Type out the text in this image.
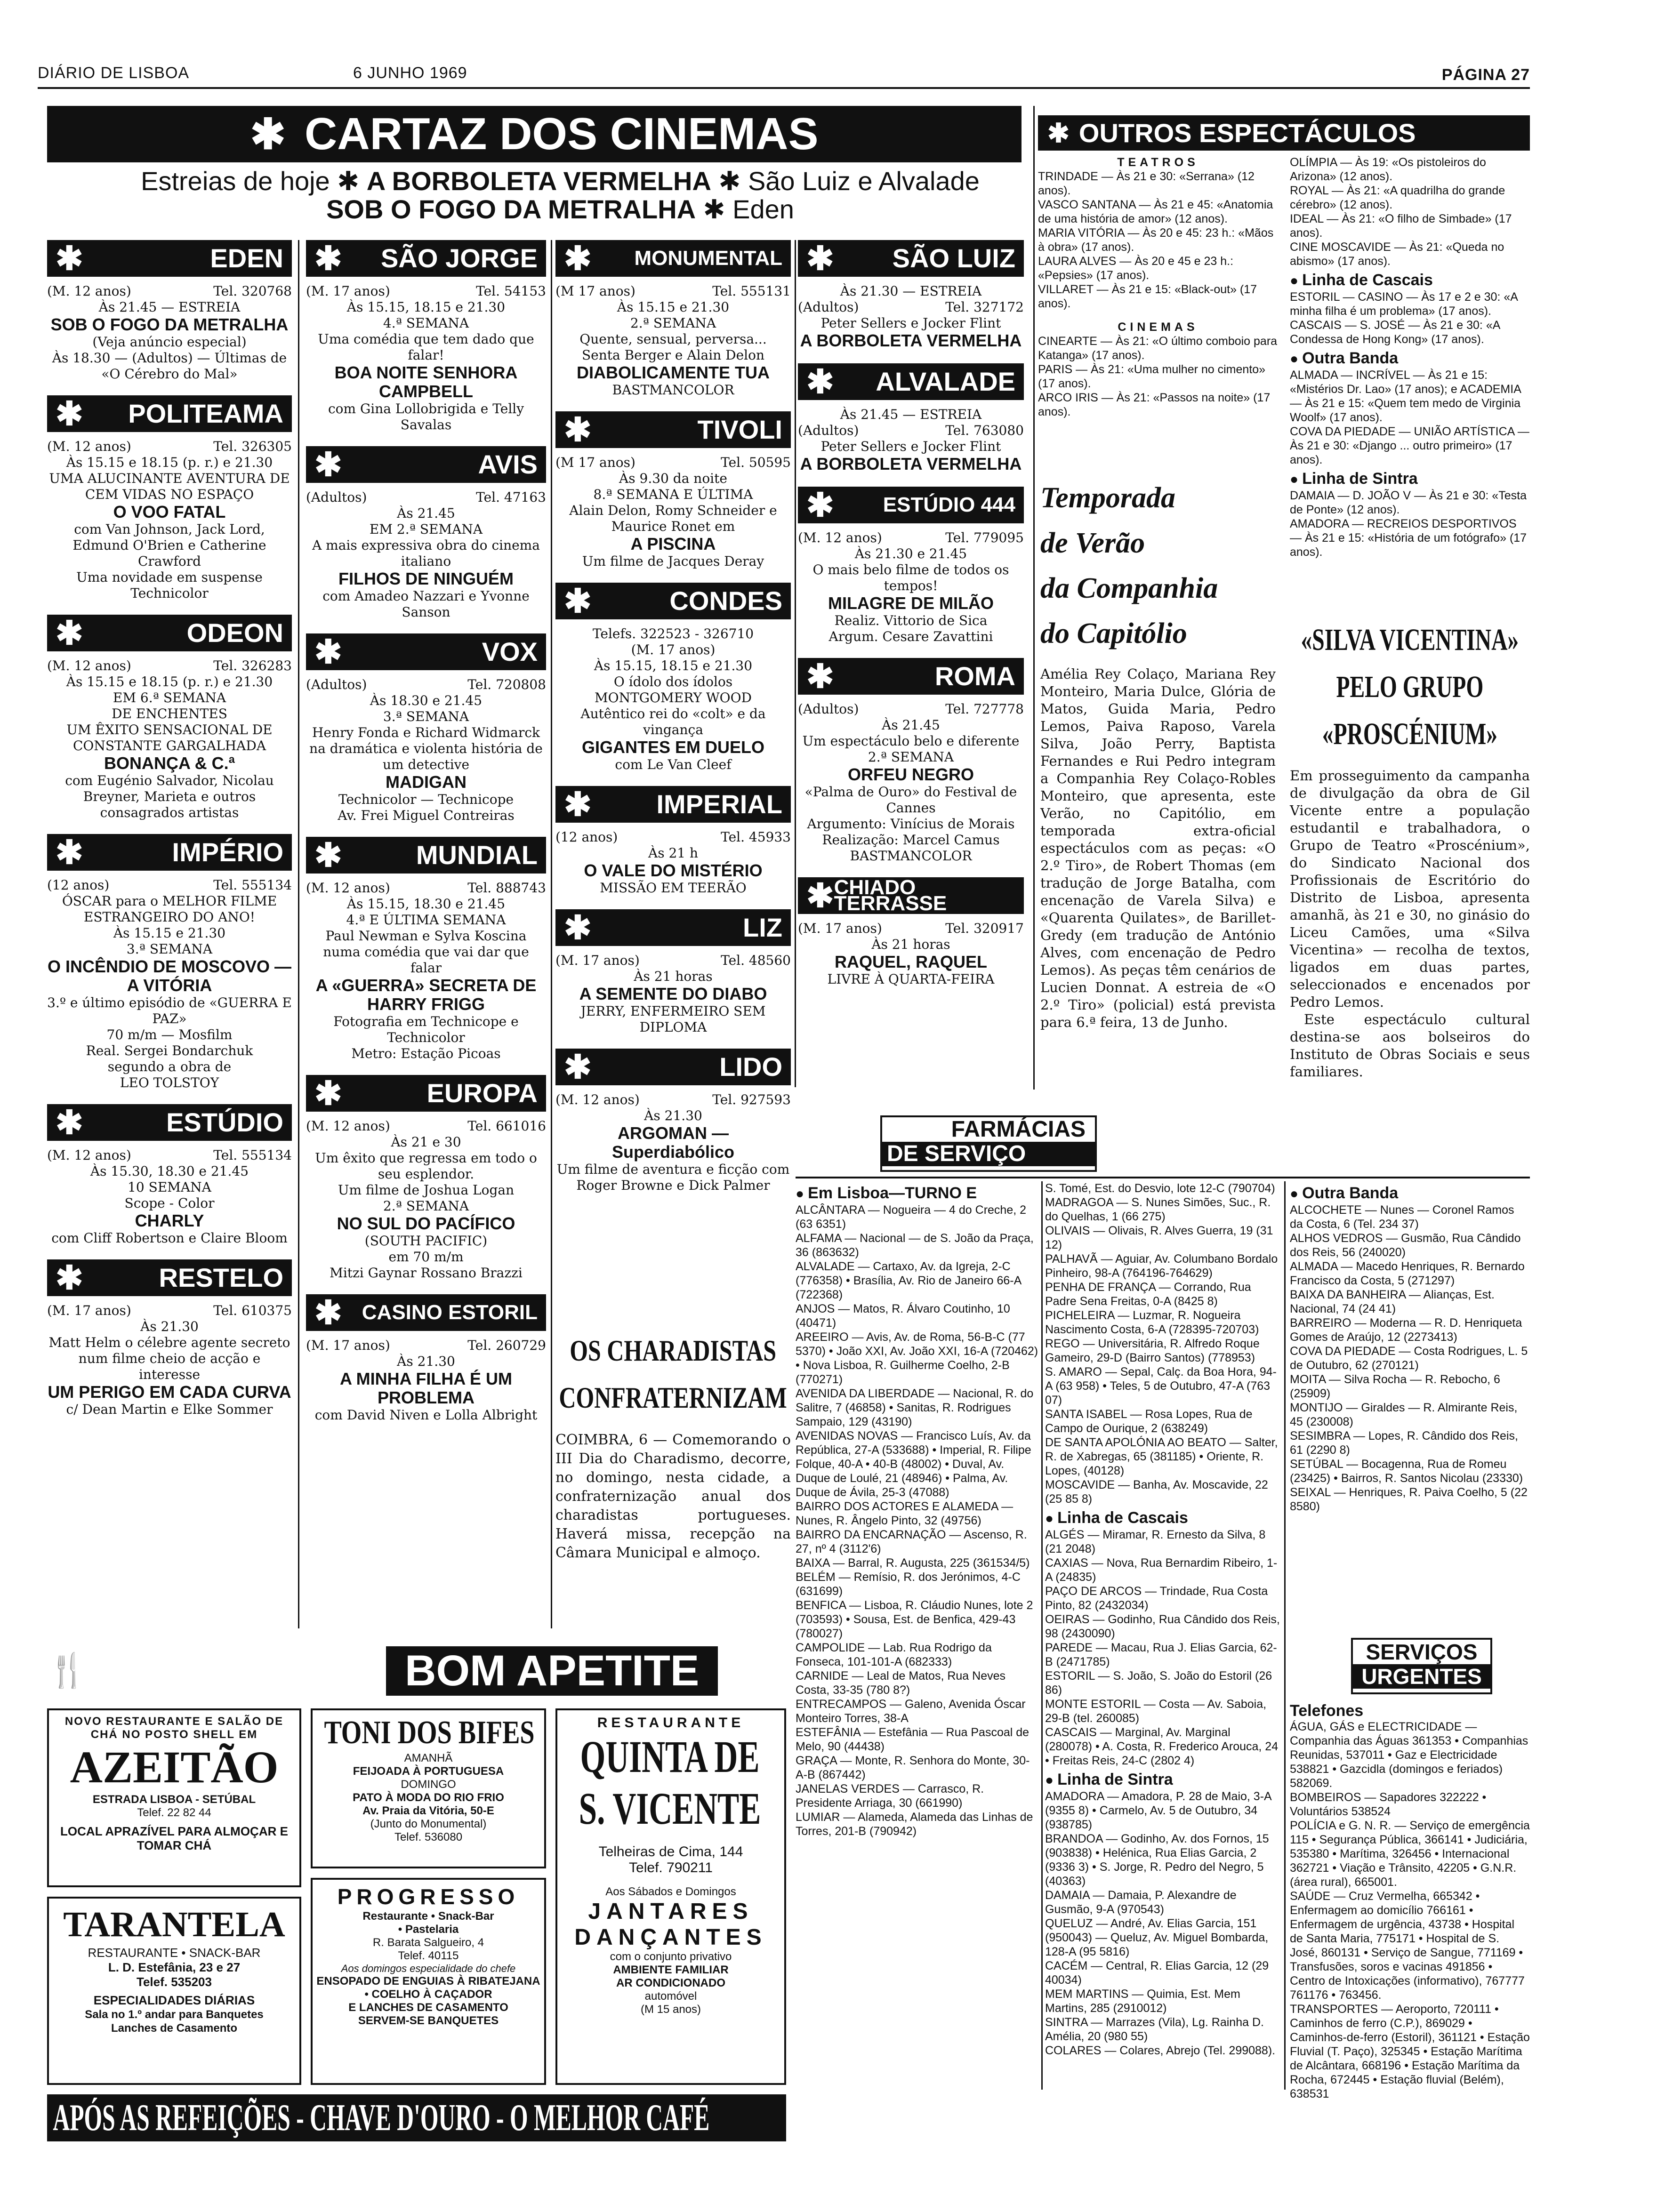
DIÁRIO DE LISBOA	6 JUNHO 1969	PÁGINA 27
✱ CARTAZ DOS CINEMAS
Estreias de hoje ✱ A BORBOLETA VERMELHA ✱ São Luiz e Alvalade
SOB O FOGO DA METRALHA ✱ Eden
✱	EDEN
(M. 12 anos)	Tel. 320768

Às 21.45 — ESTREIA

SOB O FOGO DA METRALHA

(Veja anúncio especial)

Às 18.30 — (Adultos) — Últimas de «O Cérebro do Mal»

✱ POLITEAMA
(M. 12 anos)	Tel. 326305

Às 15.15 e 18.15 (p. r.) e 21.30

UMA ALUCINANTE AVENTURA DE CEM VIDAS NO ESPAÇO

O VOO FATAL

com Van Johnson, Jack Lord, Edmund O'Brien e Catherine Crawford

Uma novidade em suspense

Technicolor

✱	ODEON
(M. 12 anos)	Tel. 326283

Às 15.15 e 18.15 (p. r.) e 21.30

EM 6.ª SEMANA

DE ENCHENTES

UM ÊXITO SENSACIONAL DE CONSTANTE GARGALHADA

BONANÇA & C.ª

com Eugénio Salvador, Nicolau Breyner, Marieta e outros consagrados artistas

✱	IMPÉRIO
(12 anos)	Tel. 555134

ÓSCAR para o MELHOR FILME ESTRANGEIRO DO ANO!

Às 15.15 e 21.30

3.ª SEMANA

O INCÊNDIO DE MOSCOVO — A VITÓRIA

3.º e último episódio de «GUERRA E PAZ»

70 m/m — Mosfilm

Real. Sergei Bondarchuk

segundo a obra de

LEO TOLSTOY

✱	ESTÚDIO
(M. 12 anos)	Tel. 555134

Às 15.30, 18.30 e 21.45

10 SEMANA

Scope - Color

CHARLY

com Cliff Robertson e Claire Bloom

✱	RESTELO
(M. 17 anos)	Tel. 610375

Às 21.30

Matt Helm o célebre agente secreto num filme cheio de acção e interesse

UM PERIGO EM CADA CURVA

c/ Dean Martin e Elke Sommer

✱ SÃO JORGE
(M. 17 anos)	Tel. 54153

Às 15.15, 18.15 e 21.30

4.ª SEMANA

Uma comédia que tem dado que falar!

BOA NOITE SENHORA CAMPBELL

com Gina Lollobrigida e Telly Savalas

✱	AVIS
(Adultos)	Tel. 47163

Às 21.45

EM 2.ª SEMANA

A mais expressiva obra do cinema italiano

FILHOS DE NINGUÉM

com Amadeo Nazzari e Yvonne Sanson

✱	VOX
(Adultos)	Tel. 720808

Às 18.30 e 21.45

3.ª SEMANA

Henry Fonda e Richard Widmarck na dramática e violenta história de um detective

MADIGAN

Technicolor — Technicope

Av. Frei Miguel Contreiras

✱	MUNDIAL
(M. 12 anos)	Tel. 888743

Às 15.15, 18.30 e 21.45

4.ª E ÚLTIMA SEMANA

Paul Newman e Sylva Koscina numa comédia que vai dar que falar

A «GUERRA» SECRETA DE HARRY FRIGG

Fotografia em Technicope e Technicolor

Metro: Estação Picoas

✱	EUROPA
(M. 12 anos)	Tel. 661016

Às 21 e 30

Um êxito que regressa em todo o seu esplendor.

Um filme de Joshua Logan

2.ª SEMANA

NO SUL DO PACÍFICO

(SOUTH PACIFIC)

em 70 m/m

Mitzi Gaynar Rossano Brazzi

✱ CASINO ESTORIL
(M. 17 anos)	Tel. 260729

Às 21.30

A MINHA FILHA É UM PROBLEMA

com David Niven e Lolla Albright

✱ MONUMENTAL
(M 17 anos)	Tel. 555131

Às 15.15 e 21.30

2.ª SEMANA

Quente, sensual, perversa...

Senta Berger e Alain Delon

DIABOLICAMENTE TUA

BASTMANCOLOR

✱	TIVOLI
(M 17 anos)	Tel. 50595

Às 9.30 da noite

8.ª SEMANA E ÚLTIMA

Alain Delon, Romy Schneider e Maurice Ronet em

A PISCINA

Um filme de Jacques Deray

✱	CONDES

Telefs. 322523 - 326710

(M. 17 anos)

Às 15.15, 18.15 e 21.30

O ídolo dos ídolos

MONTGOMERY WOOD

Autêntico rei do «colt» e da vingança

GIGANTES EM DUELO

com Le Van Cleef

✱ IMPERIAL
(12 anos)	Tel. 45933

Às 21 h

O VALE DO MISTÉRIO

MISSÃO EM TEERÃO

✱	LIZ
(M. 17 anos)	Tel. 48560

Às 21 horas

A SEMENTE DO DIABO

JERRY, ENFERMEIRO SEM DIPLOMA

✱	LIDO
(M. 12 anos)	Tel. 927593

Às 21.30

ARGOMAN — Superdiabólico

Um filme de aventura e ficção com Roger Browne e Dick Palmer

✱ SÃO LUIZ

Às 21.30 — ESTREIA

(Adultos)	Tel. 327172

Peter Sellers e Jocker Flint

A BORBOLETA VERMELHA
✱ ALVALADE

Às 21.45 — ESTREIA

(Adultos)	Tel. 763080

Peter Sellers e Jocker Flint

A BORBOLETA VERMELHA
✱ ESTÚDIO 444
(M. 12 anos)	Tel. 779095

Às 21.30 e 21.45

O mais belo filme de todos os tempos!

MILAGRE DE MILÃO

Realiz. Vittorio de Sica

Argum. Cesare Zavattini

✱	ROMA
(Adultos)	Tel. 727778

Às 21.45

Um espectáculo belo e diferente

2.ª SEMANA

ORFEU NEGRO

«Palma de Ouro» do Festival de Cannes

Argumento: Vinícius de Morais

Realização: Marcel Camus

BASTMANCOLOR

✱ CHIADO TERRASSE
(M. 17 anos)	Tel. 320917

Às 21 horas

RAQUEL, RAQUEL

LIVRE À QUARTA-FEIRA

OS CHARADISTAS
CONFRATERNIZAM
COIMBRA, 6 — Comemorando o III Dia do Charadismo, decorre, no domingo, nesta cidade, a confraternização anual dos charadistas portugueses. Haverá missa, recepção na Câmara Municipal e almoço.
✱ OUTROS ESPECTÁCULOS
TEATROS

TRINDADE — Às 21 e 30: «Serrana» (12 anos).

VASCO SANTANA — Às 21 e 45: «Anatomia de uma história de amor» (12 anos).

MARIA VITÓRIA — Às 20 e 45: 23 h.: «Mãos à obra» (17 anos).

LAURA ALVES — Às 20 e 45 e 23 h.: «Pepsies» (17 anos).

VILLARET — Às 21 e 15: «Black-out» (17 anos).

CINEMAS

CINEARTE — Às 21: «O último comboio para Katanga» (17 anos).

PARIS — Às 21: «Uma mulher no cimento» (17 anos).

ARCO IRIS — Às 21: «Passos na noite» (17 anos).

OLÍMPIA — Às 19: «Os pistoleiros do Arizona» (12 anos).

ROYAL — Às 21: «A quadrilha do grande cérebro» (12 anos).

IDEAL — Às 21: «O filho de Simbade» (17 anos).

CINE MOSCAVIDE — Às 21: «Queda no abismo» (17 anos).

● Linha de Cascais

ESTORIL — CASINO — Às 17 e 2 e 30: «A minha filha é um problema» (17 anos).

CASCAIS — S. JOSÉ — Às 21 e 30: «A Condessa de Hong Kong» (17 anos).

● Outra Banda

ALMADA — INCRÍVEL — Às 21 e 15: «Mistérios Dr. Lao» (17 anos); e ACADEMIA — Às 21 e 15: «Quem tem medo de Virginia Woolf» (17 anos).

COVA DA PIEDADE — UNIÃO ARTÍSTICA — Às 21 e 30: «Django ... outro primeiro» (17 anos).

● Linha de Sintra

DAMAIA — D. JOÃO V — Às 21 e 30: «Testa de Ponte» (12 anos).

AMADORA — RECREIOS DESPORTIVOS — Às 21 e 15: «História de um fotógrafo» (17 anos).

Temporada
de Verão
da Companhia
do Capitólio
Amélia Rey Colaço, Mariana Rey Monteiro, Maria Dulce, Glória de Matos, Guida Maria, Pedro Lemos, Paiva Raposo, Varela Silva, João Perry, Baptista Fernandes e Rui Pedro integram a Companhia Rey Colaço-Robles Monteiro, que apresenta, este Verão, no Capitólio, em temporada extra-oficial espectáculos com as peças: «O 2.º Tiro», de Robert Thomas (em tradução de Jorge Batalha, com encenação de Varela Silva) e «Quarenta Quilates», de Barillet-Gredy (em tradução de António Alves, com encenação de Pedro Lemos). As peças têm cenários de Lucien Donnat. A estreia de «O 2.º Tiro» (policial) está prevista para 6.ª feira, 13 de Junho.
«SILVA VICENTINA»
PELO GRUPO
«PROSCÉNIUM»
Em prosseguimento da campanha de divulgação da obra de Gil Vicente entre a população estudantil e trabalhadora, o Grupo de Teatro «Proscénium», do Sindicato Nacional dos Profissionais de Escritório do Distrito de Lisboa, apresenta amanhã, às 21 e 30, no ginásio do Liceu Camões, uma «Silva Vicentina» — recolha de textos, ligados em duas partes, seleccionados e encenados por Pedro Lemos.
Este espectáculo cultural destina-se aos bolseiros do Instituto de Obras Sociais e seus familiares.
FARMÁCIAS
DE SERVIÇO
● Em Lisboa—TURNO E

ALCÂNTARA — Nogueira — 4 do Creche, 2 (63 6351)

ALFAMA — Nacional — de S. João da Praça, 36 (863632)

ALVALADE — Cartaxo, Av. da Igreja, 2-C (776358) • Brasília, Av. Rio de Janeiro 66-A (722368)

ANJOS — Matos, R. Álvaro Coutinho, 10 (40471)

AREEIRO — Avis, Av. de Roma, 56-B-C (77 5370) • João XXI, Av. João XXI, 16-A (720462) • Nova Lisboa, R. Guilherme Coelho, 2-B (770271)

AVENIDA DA LIBERDADE — Nacional, R. do Salitre, 7 (46858) • Sanitas, R. Rodrigues Sampaio, 129 (43190)

AVENIDAS NOVAS — Francisco Luís, Av. da República, 27-A (533688) • Imperial, R. Filipe Folque, 40-A • 40-B (48002) • Duval, Av. Duque de Loulé, 21 (48946) • Palma, Av. Duque de Ávila, 25-3 (47088)

BAIRRO DOS ACTORES E ALAMEDA — Nunes, R. Ângelo Pinto, 32 (49756)

BAIRRO DA ENCARNAÇÃO — Ascenso, R. 27, nº 4 (3112'6)

BAIXA — Barral, R. Augusta, 225 (361534/5)

BELÉM — Remísio, R. dos Jerónimos, 4-C (631699)

BENFICA — Lisboa, R. Cláudio Nunes, lote 2 (703593) • Sousa, Est. de Benfica, 429-43 (780027)

CAMPOLIDE — Lab. Rua Rodrigo da Fonseca, 101-101-A (682333)

CARNIDE — Leal de Matos, Rua Neves Costa, 33-35 (780 8?)

ENTRECAMPOS — Galeno, Avenida Óscar Monteiro Torres, 38-A

ESTEFÂNIA — Estefânia — Rua Pascoal de Melo, 90 (44438)

GRAÇA — Monte, R. Senhora do Monte, 30-A-B (867442)

JANELAS VERDES — Carrasco, R. Presidente Arriaga, 30 (661990)

LUMIAR — Alameda, Alameda das Linhas de Torres, 201-B (790942)

S. Tomé, Est. do Desvio, lote 12-C (790704)

MADRAGOA — S. Nunes Simões, Suc., R. do Quelhas, 1 (66 275)

OLIVAIS — Olivais, R. Alves Guerra, 19 (31 12)

PALHAVÃ — Aguiar, Av. Columbano Bordalo Pinheiro, 98-A (764196-764629)

PENHA DE FRANÇA — Corrando, Rua Padre Sena Freitas, 0-A (8425 8)

PICHELEIRA — Luzmar, R. Nogueira Nascimento Costa, 6-A (728395-720703)

REGO — Universitária, R. Alfredo Roque Gameiro, 29-D (Bairro Santos) (778953)

S. AMARO — Sepal, Calç. da Boa Hora, 94-A (63 958) • Teles, 5 de Outubro, 47-A (763 07)

SANTA ISABEL — Rosa Lopes, Rua de Campo de Ourique, 2 (638249)

DE SANTA APOLÓNIA AO BEATO — Salter, R. de Xabregas, 65 (381185) • Oriente, R. Lopes, (40128)

MOSCAVIDE — Banha, Av. Moscavide, 22 (25 85 8)

● Linha de Cascais

ALGÉS — Miramar, R. Ernesto da Silva, 8 (21 2048)

CAXIAS — Nova, Rua Bernardim Ribeiro, 1-A (24835)

PAÇO DE ARCOS — Trindade, Rua Costa Pinto, 82 (2432034)

OEIRAS — Godinho, Rua Cândido dos Reis, 98 (2430090)

PAREDE — Macau, Rua J. Elias Garcia, 62-B (2471785)

ESTORIL — S. João, S. João do Estoril (26 86)

MONTE ESTORIL — Costa — Av. Saboia, 29-B (tel. 260085)

CASCAIS — Marginal, Av. Marginal (280078) • A. Costa, R. Frederico Arouca, 24 • Freitas Reis, 24-C (2802 4)

● Linha de Sintra

AMADORA — Amadora, P. 28 de Maio, 3-A (9355 8) • Carmelo, Av. 5 de Outubro, 34 (938785)

BRANDOA — Godinho, Av. dos Fornos, 15 (903838) • Helénica, Rua Elias Garcia, 2 (9336 3) • S. Jorge, R. Pedro del Negro, 5 (40363)

DAMAIA — Damaia, P. Alexandre de Gusmão, 9-A (970543)

QUELUZ — André, Av. Elias Garcia, 151 (950043) — Queluz, Av. Miguel Bombarda, 128-A (95 5816)

CACÉM — Central, R. Elias Garcia, 12 (29 40034)

MEM MARTINS — Quimia, Est. Mem Martins, 285 (2910012)

SINTRA — Marrazes (Vila), Lg. Rainha D. Amélia, 20 (980 55)

COLARES — Colares, Abrejo (Tel. 299088).

● Outra Banda

ALCOCHETE — Nunes — Coronel Ramos da Costa, 6 (Tel. 234 37)

ALHOS VEDROS — Gusmão, Rua Cândido dos Reis, 56 (240020)

ALMADA — Macedo Henriques, R. Bernardo Francisco da Costa, 5 (271297)

BAIXA DA BANHEIRA — Alianças, Est. Nacional, 74 (24 41)

BARREIRO — Moderna — R. D. Henriqueta Gomes de Araújo, 12 (2273413)

COVA DA PIEDADE — Costa Rodrigues, L. 5 de Outubro, 62 (270121)

MOITA — Silva Rocha — R. Rebocho, 6 (25909)

MONTIJO — Giraldes — R. Almirante Reis, 45 (230008)

SESIMBRA — Lopes, R. Cândido dos Reis, 61 (2290 8)

SETÚBAL — Bocagenna, Rua de Romeu (23425) • Bairros, R. Santos Nicolau (23330)

SEIXAL — Henriques, R. Paiva Coelho, 5 (22 8580)

SERVIÇOS
URGENTES
Telefones

ÁGUA, GÁS e ELECTRICIDADE — Companhia das Águas 361353 • Companhias Reunidas, 537011 • Gaz e Electricidade 538821 • Gazcidla (domingos e feriados) 582069.

BOMBEIROS — Sapadores 322222 • Voluntários 538524

POLÍCIA e G. N. R. — Serviço de emergência 115 • Segurança Pública, 366141 • Judiciária, 535380 • Marítima, 326456 • Internacional 362721 • Viação e Trânsito, 42205 • G.N.R. (área rural), 665001.

SAÚDE — Cruz Vermelha, 665342 • Enfermagem ao domicílio 766161 • Enfermagem de urgência, 43738 • Hospital de Santa Maria, 775171 • Hospital de S. José, 860131 • Serviço de Sangue, 771169 • Transfusões, soros e vacinas 491856 • Centro de Intoxicações (informativo), 767777 761176 • 763456.

TRANSPORTES — Aeroporto, 720111 • Caminhos de ferro (C.P.), 869029 • Caminhos-de-ferro (Estoril), 361121 • Estação Fluvial (T. Paço), 325345 • Estação Marítima de Alcântara, 668196 • Estação Marítima da Rocha, 672445 • Estação fluvial (Belém), 638531

🍴	BOM APETITE
NOVO RESTAURANTE E SALÃO DE CHÁ NO POSTO SHELL EM
AZEITÃO
ESTRADA LISBOA - SETÚBAL
Telef. 22 82 44
LOCAL APRAZÍVEL PARA ALMOÇAR E TOMAR CHÁ
TARANTELA
RESTAURANTE • SNACK-BAR
L. D. Estefânia, 23 e 27
Telef. 535203
ESPECIALIDADES DIÁRIAS
Sala no 1.º andar para Banquetes
Lanches de Casamento
TONI DOS BIFES
AMANHÃ
FEIJOADA À PORTUGUESA
DOMINGO
PATO À MODA DO RIO FRIO
Av. Praia da Vitória, 50-E
(Junto do Monumental)
Telef. 536080
PROGRESSO
Restaurante • Snack-Bar
• Pastelaria
R. Barata Salgueiro, 4
Telef. 40115
Aos domingos especialidade do chefe
ENSOPADO DE ENGUIAS À RIBATEJANA
• COELHO À CAÇADOR
E LANCHES DE CASAMENTO
SERVEM-SE BANQUETES
RESTAURANTE
QUINTA DE
S. VICENTE
Telheiras de Cima, 144
Telef. 790211
Aos Sábados e Domingos
JANTARES
DANÇANTES
com o conjunto privativo
AMBIENTE FAMILIAR
AR CONDICIONADO
automóvel
(M 15 anos)
APÓS AS REFEIÇÕES - CHAVE D'OURO - O MELHOR CAFÉ
